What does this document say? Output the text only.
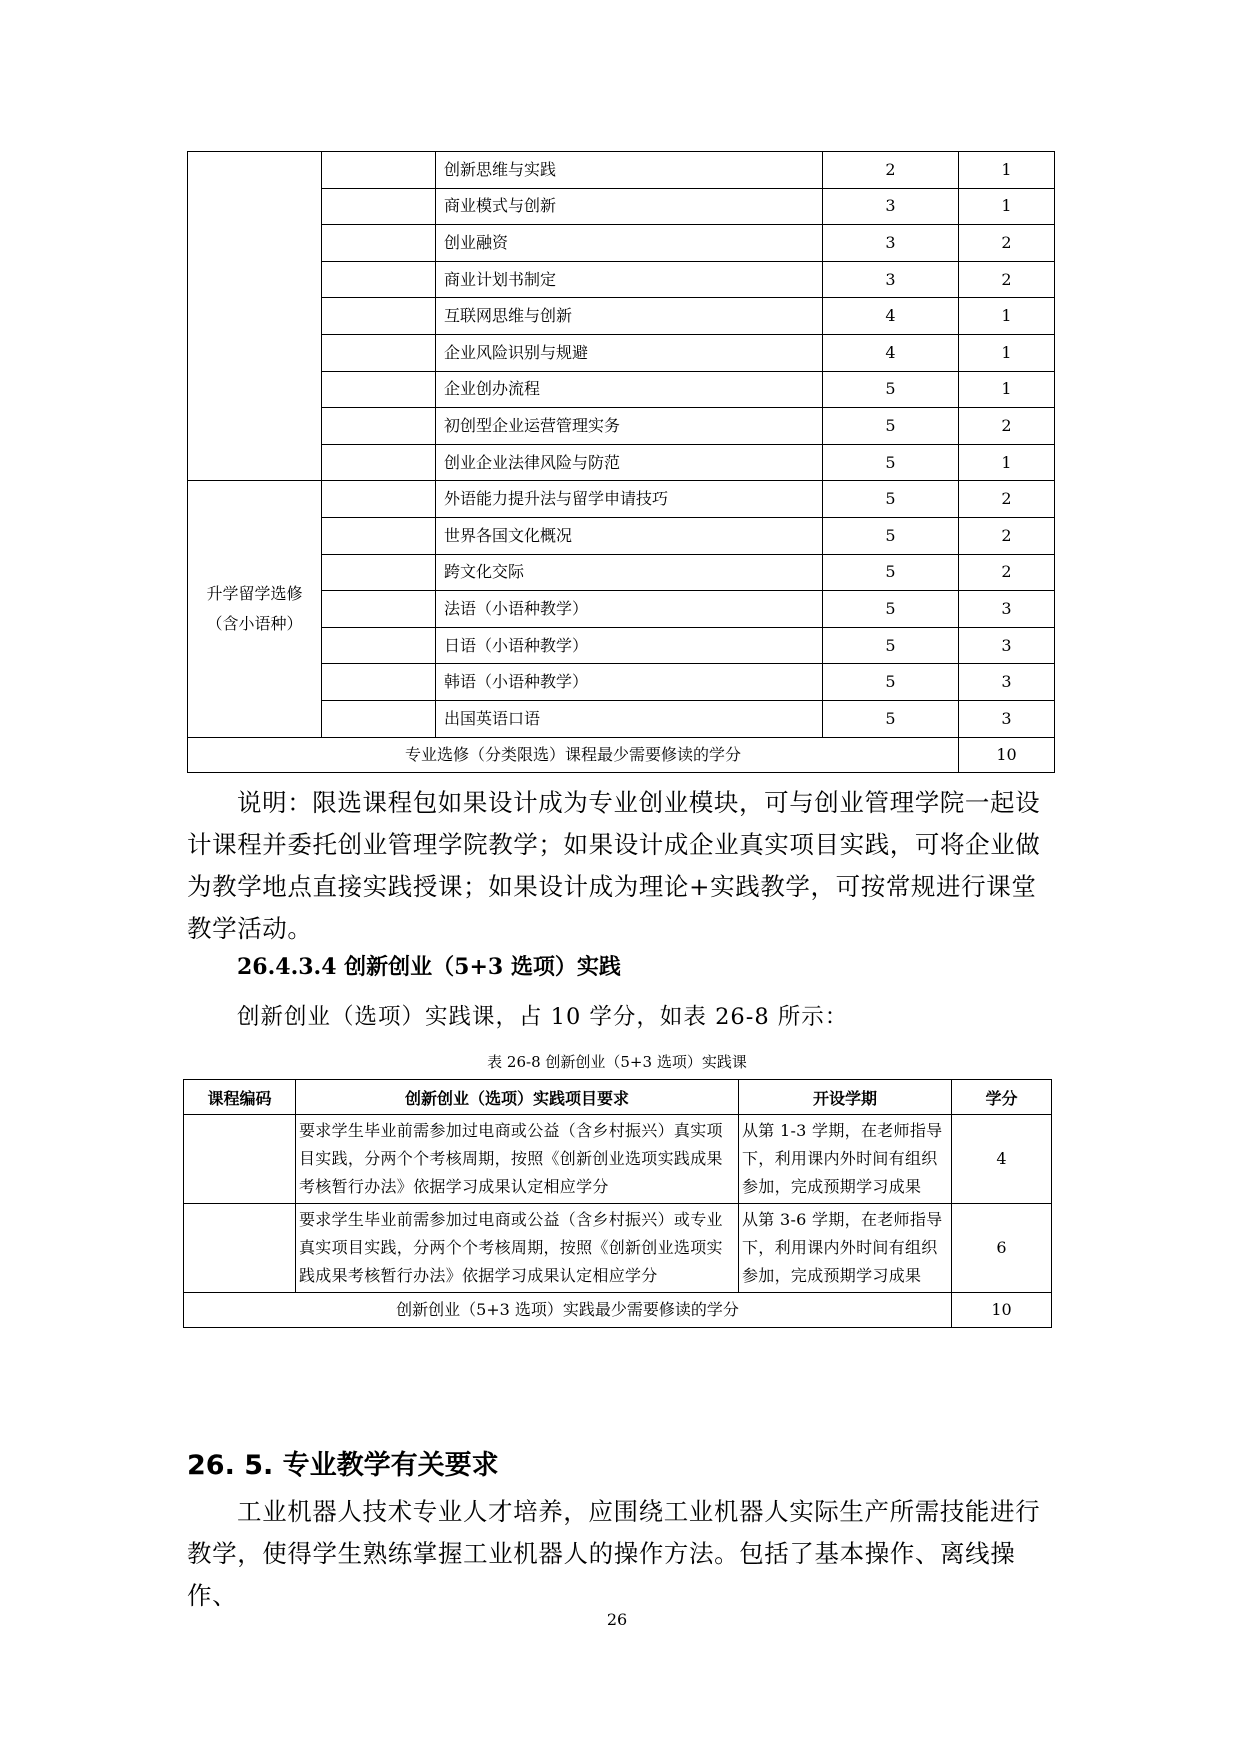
		创新思维与实践	2	1
		商业模式与创新	3	1
		创业融资	3	2
		商业计划书制定	3	2
		互联网思维与创新	4	1
		企业风险识别与规避	4	1
		企业创办流程	5	1
		初创型企业运营管理实务	5	2
		创业企业法律风险与防范	5	1

升学留学选修
（含小语种）		外语能力提升法与留学申请技巧	5	2
		世界各国文化概况	5	2
		跨文化交际	5	2
		法语（小语种教学）	5	3
		日语（小语种教学）	5	3
		韩语（小语种教学）	5	3
		出国英语口语	5	3
专业选修（分类限选）课程最少需要修读的学分				10

说明：限选课程包如果设计成为专业创业模块，可与创业管理学院一起设计课程并委托创业管理学院教学；如果设计成企业真实项目实践，可将企业做为教学地点直接实践授课；如果设计成为理论+实践教学，可按常规进行课堂教学活动。

26.4.3.4 创新创业（5+3 选项）实践

创新创业（选项）实践课，占 10 学分，如表 26-8 所示：

表 26-8 创新创业（5+3 选项）实践课

课程编码	创新创业（选项）实践项目要求	开设学期	学分
	要求学生毕业前需参加过电商或公益（含乡村振兴）真实项目实践，分两个个考核周期，按照《创新创业选项实践成果考核暂行办法》依据学习成果认定相应学分	从第 1-3 学期，在老师指导下，利用课内外时间有组织参加，完成预期学习成果	4
	要求学生毕业前需参加过电商或公益（含乡村振兴）或专业真实项目实践，分两个个考核周期，按照《创新创业选项实践成果考核暂行办法》依据学习成果认定相应学分	从第 3-6 学期，在老师指导下，利用课内外时间有组织参加，完成预期学习成果	6
创新创业（5+3 选项）实践最少需要修读的学分			10
26. 5. 专业教学有关要求

工业机器人技术专业人才培养，应围绕工业机器人实际生产所需技能进行教学，使得学生熟练掌握工业机器人的操作方法。包括了基本操作、离线操作、

26
